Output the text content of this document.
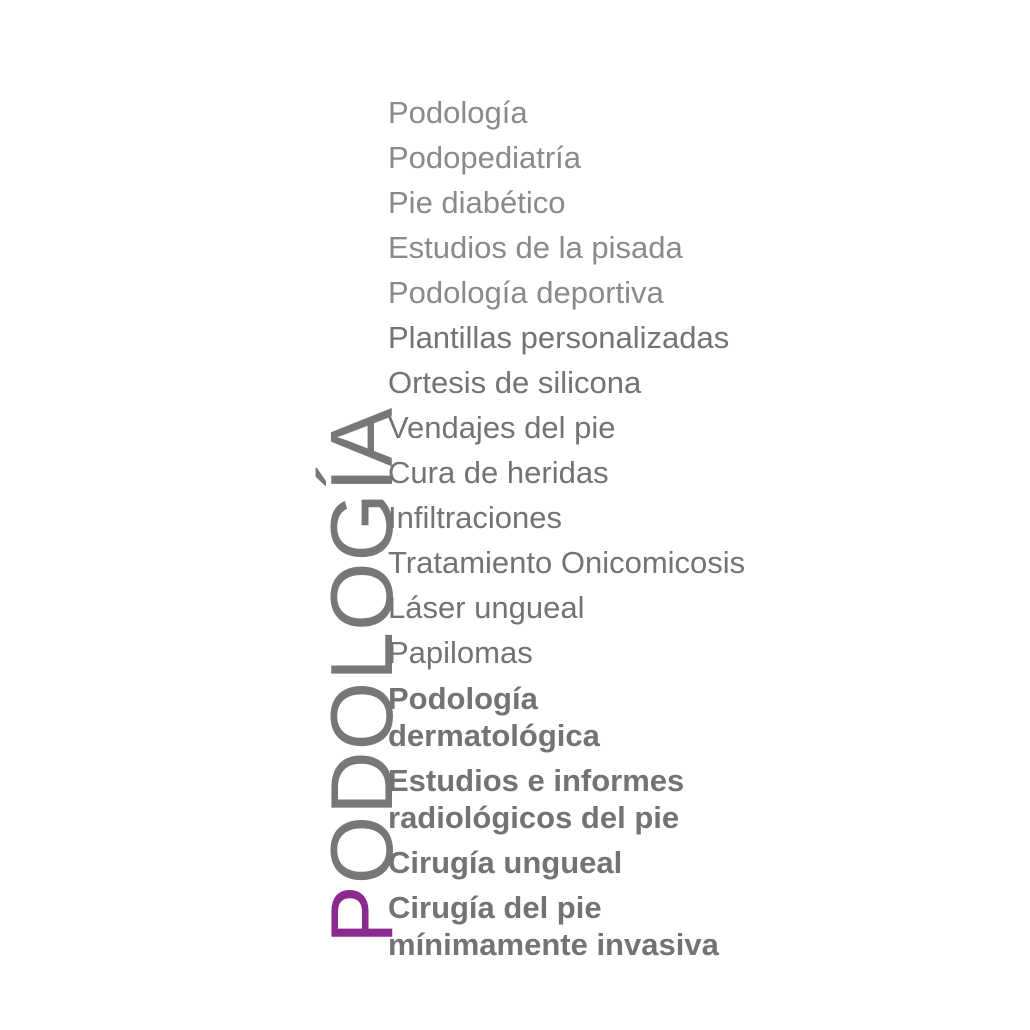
PODOLOGÍA
Podología
Podopediatría
Pie diabético
Estudios de la pisada
Podología deportiva
Plantillas personalizadas
Ortesis de silicona
Vendajes del pie
Cura de heridas
Infiltraciones
Tratamiento Onicomicosis
Láser ungueal
Papilomas
Podología dermatológica
Estudios e informes radiológicos del pie
Cirugía ungueal
Cirugía del pie mínimamente invasiva
